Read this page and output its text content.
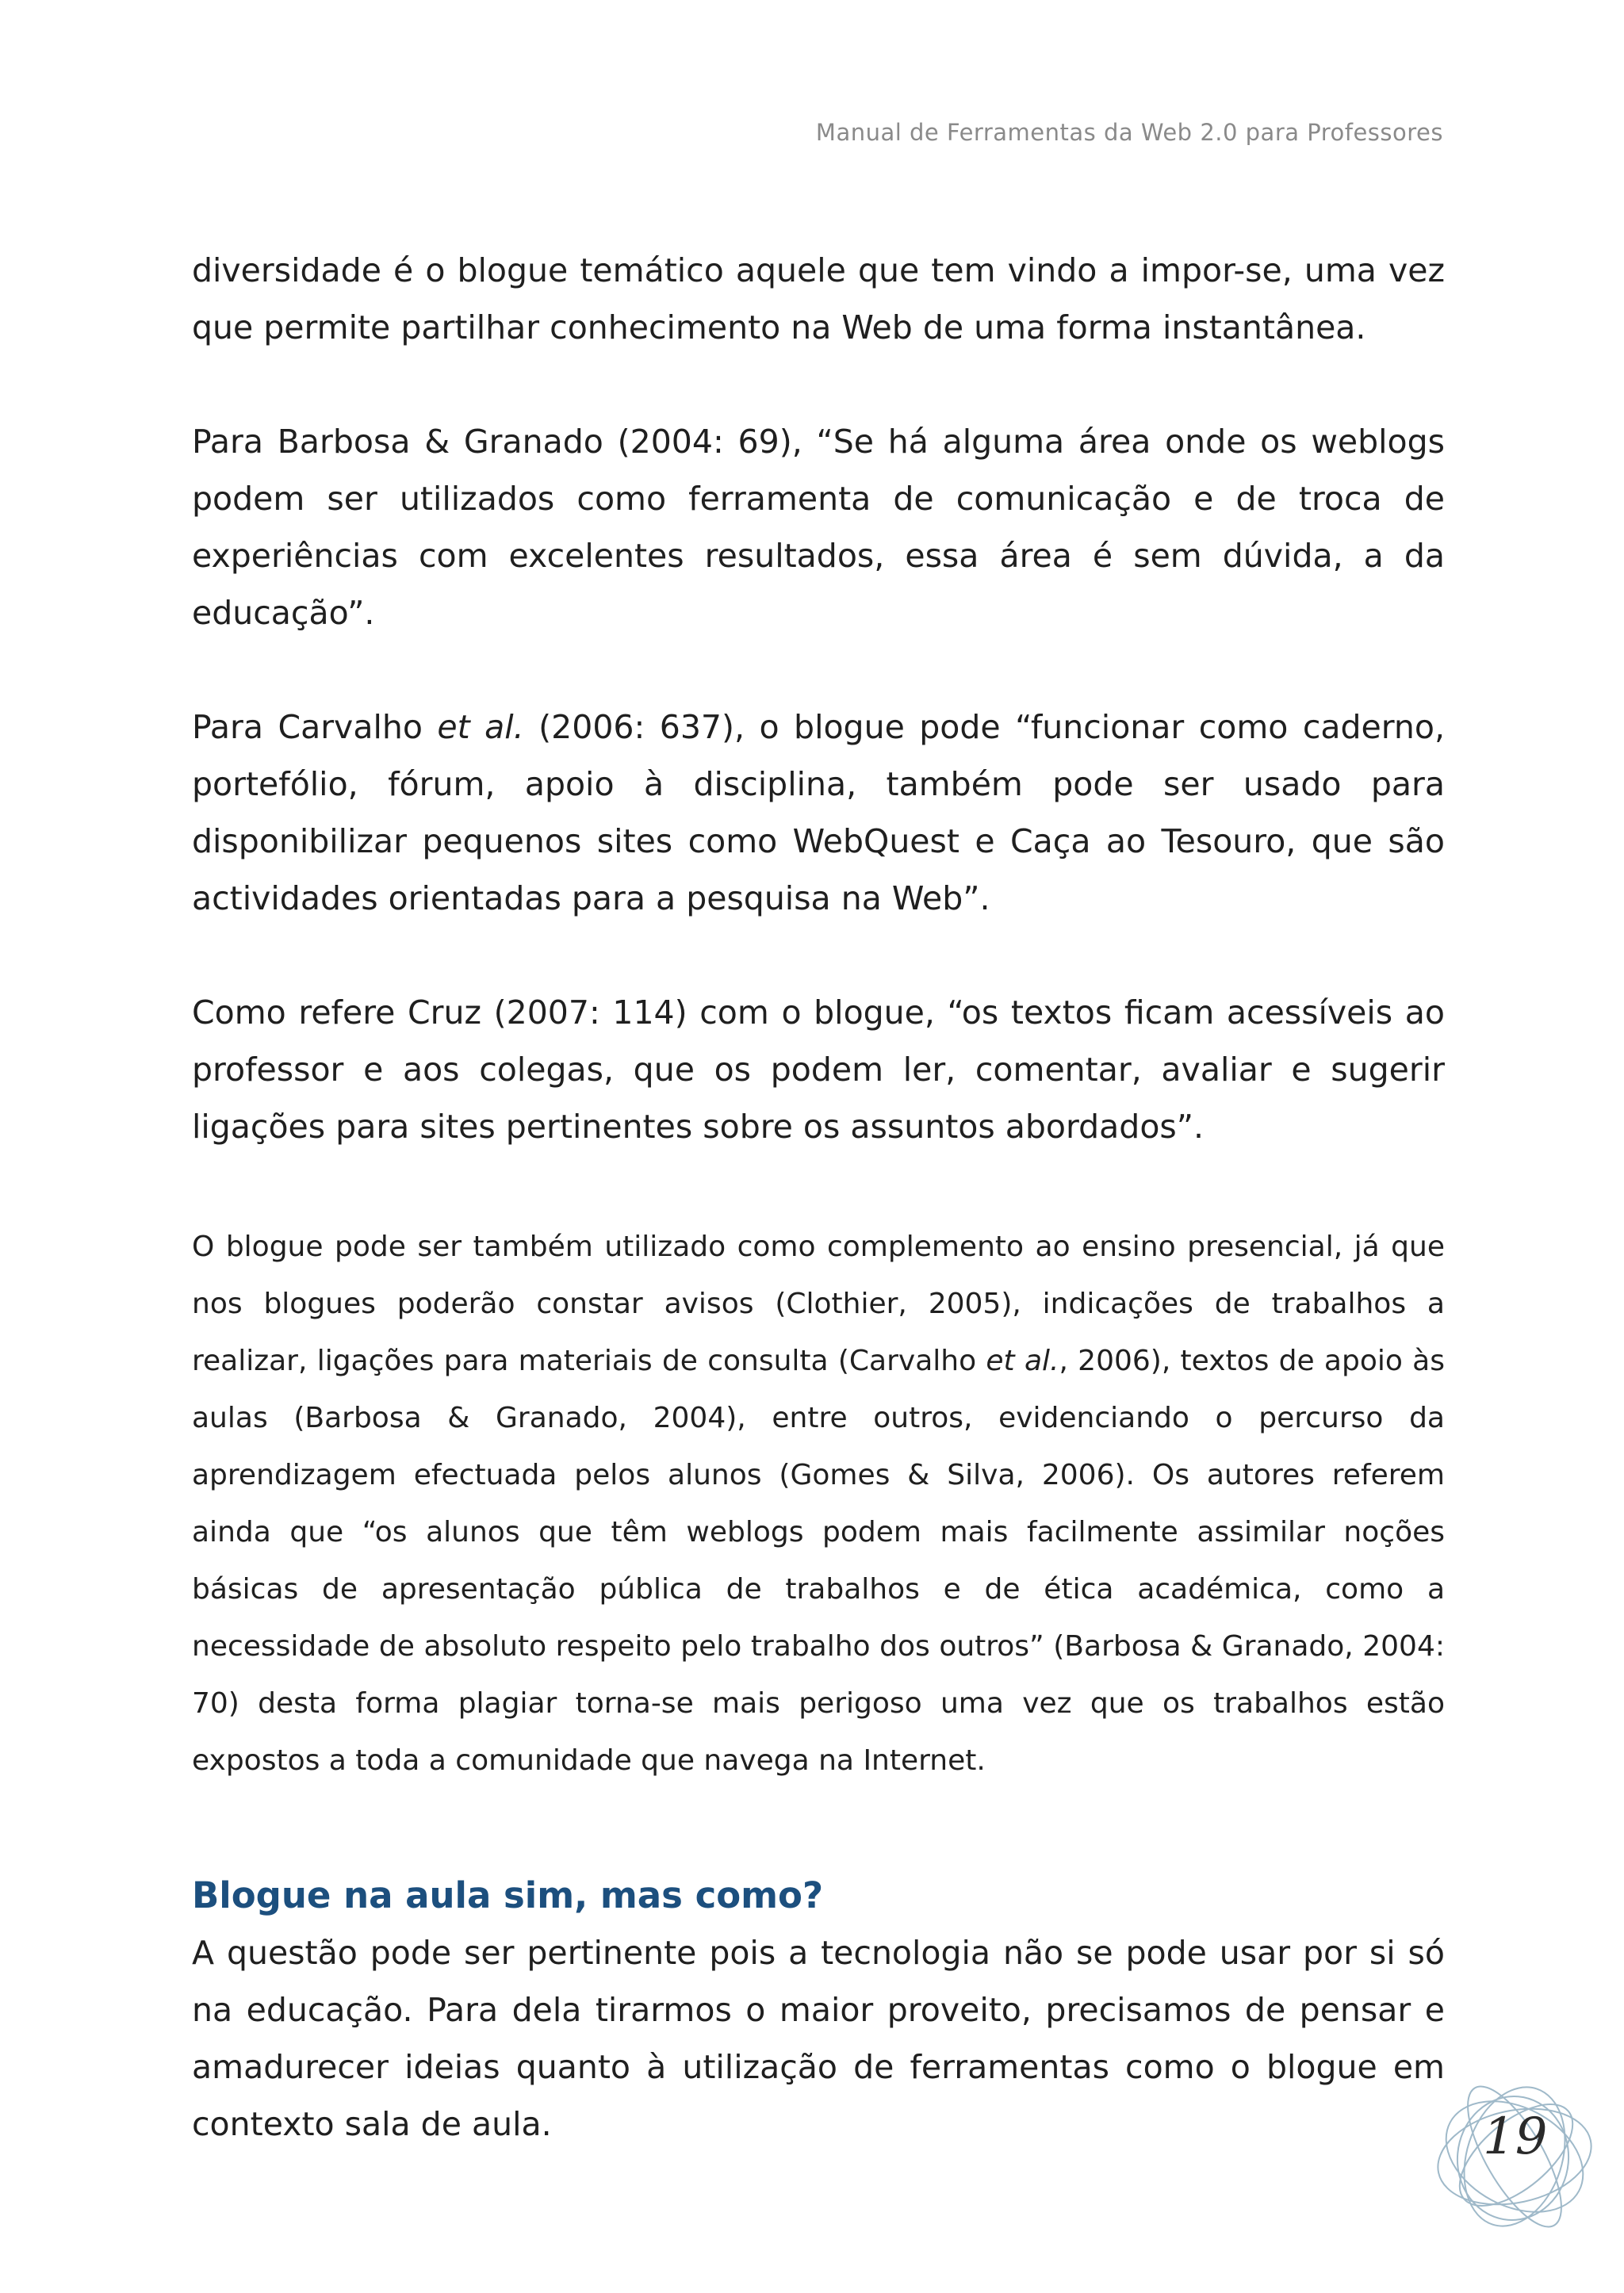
Manual de Ferramentas da Web 2.0 para Professores

diversidade é o blogue temático aquele que tem vindo a impor-se, uma vez que permite partilhar conhecimento na Web de uma forma instantânea.

Para Barbosa & Granado (2004: 69), “Se há alguma área onde os weblogs podem ser utilizados como ferramenta de comunicação e de troca de experiências com excelentes resultados, essa área é sem dúvida, a da educação”.

Para Carvalho et al. (2006: 637), o blogue pode “funcionar como caderno, portefólio, fórum, apoio à disciplina, também pode ser usado para disponibilizar pequenos sites como WebQuest e Caça ao Tesouro, que são actividades orientadas para a pesquisa na Web”.

Como refere Cruz (2007: 114) com o blogue, “os textos ficam acessíveis ao professor e aos colegas, que os podem ler, comentar, avaliar e sugerir ligações para sites pertinentes sobre os assuntos abordados”.

O blogue pode ser também utilizado como complemento ao ensino presencial, já que nos blogues poderão constar avisos (Clothier, 2005), indicações de trabalhos a realizar, ligações para materiais de consulta (Carvalho et al., 2006), textos de apoio às aulas (Barbosa & Granado, 2004), entre outros, evidenciando o percurso da aprendizagem efectuada pelos alunos (Gomes & Silva, 2006). Os autores referem ainda que “os alunos que têm weblogs podem mais facilmente assimilar noções básicas de apresentação pública de trabalhos e de ética académica, como a necessidade de absoluto respeito pelo trabalho dos outros” (Barbosa & Granado, 2004: 70) desta forma plagiar torna-se mais perigoso uma vez que os trabalhos estão expostos a toda a comunidade que navega na Internet.

Blogue na aula sim, mas como?

A questão pode ser pertinente pois a tecnologia não se pode usar por si só na educação. Para dela tirarmos o maior proveito, precisamos de pensar e amadurecer ideias quanto à utilização de ferramentas como o blogue em contexto sala de aula.	19
